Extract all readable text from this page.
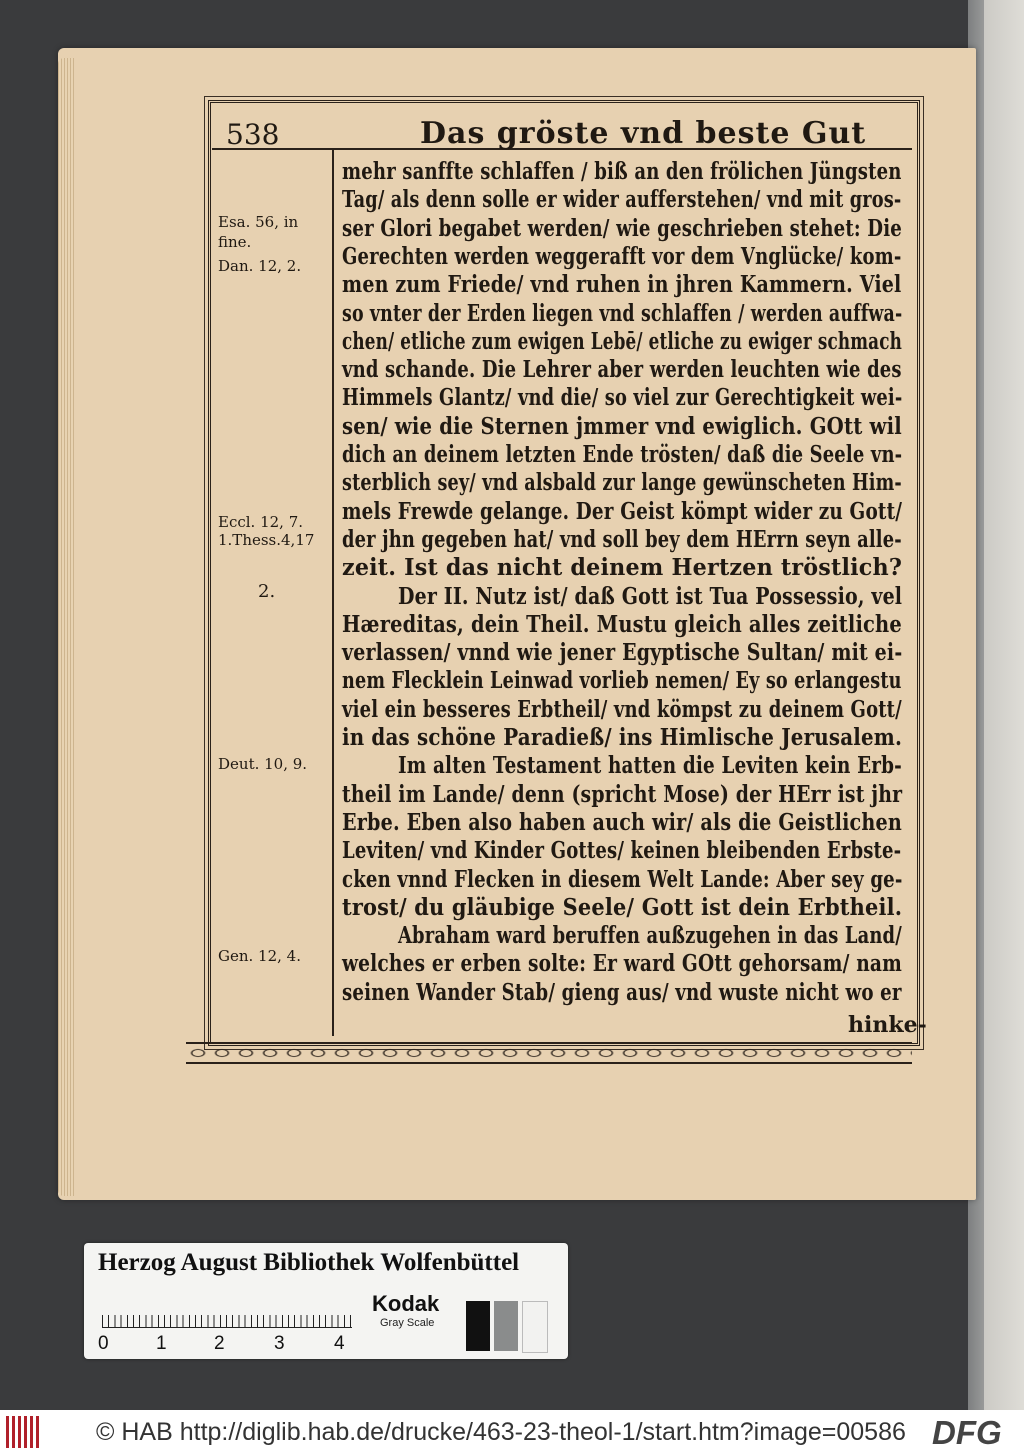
538	Das gröste vnd beste Gut
Esa. 56, in
fine.
Dan. 12, 2.
Eccl. 12, 7.
1.Thess.4,17
2.
Deut. 10, 9.
Gen. 12, 4.
mehr sanffte schlaffen / biß an den frölichen Jüngsten
Tag/ als denn solle er wider aufferstehen/ vnd mit gros-
ser Glori begabet werden/ wie geschrieben stehet: Die
Gerechten werden weggerafft vor dem Vnglücke/ kom-
men zum Friede/ vnd ruhen in jhren Kammern. Viel
so vnter der Erden liegen vnd schlaffen / werden auffwa-
chen/ etliche zum ewigen Lebē/ etliche zu ewiger schmach
vnd schande. Die Lehrer aber werden leuchten wie des
Himmels Glantz/ vnd die/ so viel zur Gerechtigkeit wei-
sen/ wie die Sternen jmmer vnd ewiglich. GOtt wil
dich an deinem letzten Ende trösten/ daß die Seele vn-
sterblich sey/ vnd alsbald zur lange gewünscheten Him-
mels Frewde gelange. Der Geist kömpt wider zu Gott/
der jhn gegeben hat/ vnd soll bey dem HErrn seyn alle-
zeit. Ist das nicht deinem Hertzen tröstlich?
Der II. Nutz ist/ daß Gott ist Tua Possessio, vel
Hæreditas, dein Theil. Mustu gleich alles zeitliche
verlassen/ vnnd wie jener Egyptische Sultan/ mit ei-
nem Flecklein Leinwad vorlieb nemen/ Ey so erlangestu
viel ein besseres Erbtheil/ vnd kömpst zu deinem Gott/
in das schöne Paradieß/ ins Himlische Jerusalem.
Im alten Testament hatten die Leviten kein Erb-
theil im Lande/ denn (spricht Mose) der HErr ist jhr
Erbe. Eben also haben auch wir/ als die Geistlichen
Leviten/ vnd Kinder Gottes/ keinen bleibenden Erbste-
cken vnnd Flecken in diesem Welt Lande: Aber sey ge-
trost/ du gläubige Seele/ Gott ist dein Erbtheil.
Abraham ward beruffen außzugehen in das Land/
welches er erben solte: Er ward GOtt gehorsam/ nam
seinen Wander Stab/ gieng aus/ vnd wuste nicht wo er
hinke-
Herzog August Bibliothek Wolfenbüttel
0 1 2	3	4
Kodak
Gray Scale
© HAB http://diglib.hab.de/drucke/463-23-theol-1/start.htm?image=00586 DFG
